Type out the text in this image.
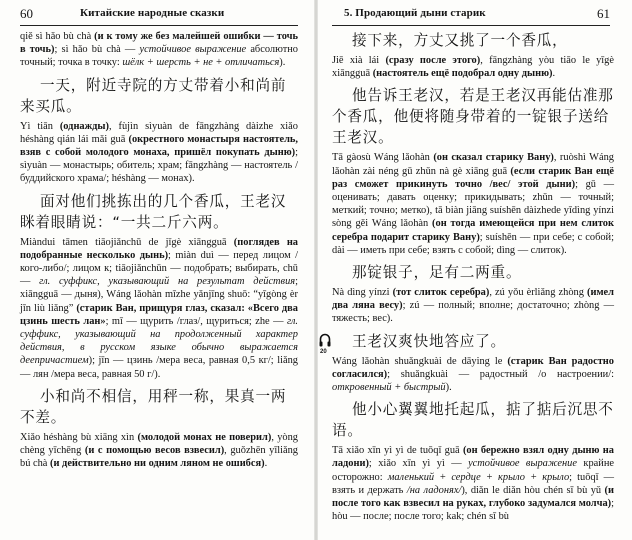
60	Китайские народные сказки

qiě sì hǎo bù chà (и к тому же без малейшей ошибки — точь в точь); sì hǎo bù chà — устойчивое выражение абсолютно точный; точка в точку: шёлк + шерсть + не + отличаться).

一天，附近寺院的方丈带着小和尚前来买瓜。

Yì tiān (однажды), fùjìn sìyuàn de fāngzhàng dàizhe xiǎo héshàng qián lái mǎi guā (окрестного монастыря настоятель, взяв с собой молодого монаха, пришёл покупать дыню); sìyuàn — монастырь; обитель; храм; fāngzhàng — настоятель /буддийского храма/; héshàng — монах).

面对他们挑拣出的几个香瓜，王老汉眯着眼睛说：“一共二斤六两。

Miàndui tāmen tiāojiǎnchū de jǐgè xiāngguā (поглядев на подобранные несколько дынь); miàn duì — перед лицом /кого-либо/; лицом к; tiāojiǎnchūn — подобрать; выбирать, chū — гл. суффикс, указывающий на результат действия; xiāngguā — дыня), Wáng lǎohàn mīzhe yǎnjīng shuō: “yīgòng èr jīn liù liǎng” (старик Ван, прищуря глаз, сказал: «Всего два цзинь шесть лан»; mī — щурить /глаз/, щуриться; zhe — гл. суффикс, указывающий на продолженный характер действия, в русском языке обычно выражается деепричастием); jīn — цзинь /мера веса, равная 0,5 кг/; liǎng — лян /мера веса, равная 50 г/).

小和尚不相信，用秤一称，果真一两不差。

Xiǎo héshàng bù xiāng xìn (молодой монах не поверил), yòng chèng yīchēng (и с помощью весов взвесил), guǒzhēn yīliǎng bú chà (и действительно ни одним ляном не ошибся).

5. Продающий дыни старик	61

接下来，方丈又挑了一个香瓜，

Jiē xià lái (сразу после этого), fāngzhàng yòu tiāo le yīgè xiāngguā (настоятель ещё подобрал одну дыню).

他告诉王老汉，若是王老汉再能估准那个香瓜，他便将随身带着的一锭银子送给王老汉。

Tā gàosù Wáng lǎohàn (он сказал старику Вану), ruòshì Wáng lǎohàn zài néng gū zhǔn nà gè xiāng guā (если старик Ван ещё раз сможет прикинуть точно /вес/ этой дыни); gū — оценивать; давать оценку; прикидывать; zhǔn — точный; меткий; точно; метко), tā biàn jiāng suíshēn dàizhede yīdìng yínzi sòng gěi Wáng lǎohàn (он тогда имеющейся при нем слиток серебра подарит старику Вану); suíshēn — при себе; с собой; dài — иметь при себе; взять с собой; dìng — слиток).

那锭银子，足有二两重。

Nà dìng yínzi (тот слиток серебра), zú yǒu èrliǎng zhòng (имел два ляна весу); zú — полный; вполне; достаточно; zhòng — тяжесть; вес).

20

王老汉爽快地答应了。

Wáng lǎohàn shuǎngkuài de dāying le (старик Ван радостно согласился); shuǎngkuài — радостный /о настроении/: откровенный + быстрый).

他小心翼翼地托起瓜，掂了掂后沉思不语。

Tā xiǎo xīn yì yì de tuōqǐ guā (он бережно взял одну дыню на ладони); xiǎo xīn yì yì — устойчивое выражение крайне осторожно: маленький + сердце + крыло + крыло; tuōqǐ — взять и держать /на ладонях/), diǎn le diǎn hòu chén sī bù yǔ (и после того как взвесил на руках, глубоко задумался молча); hòu — после; после того; kak; chén sī bù
